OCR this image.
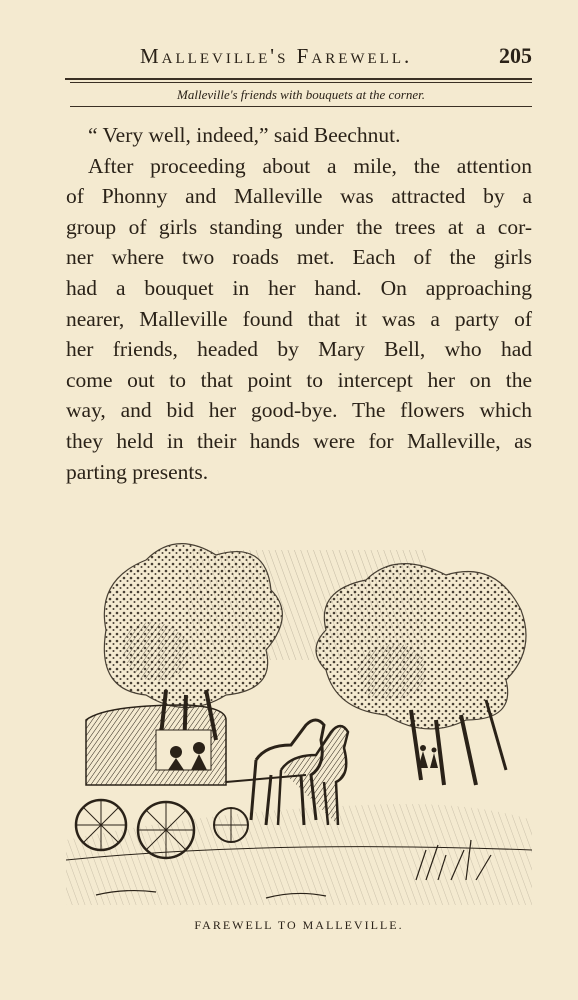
Malleville's Farewell.	205
Malleville's friends with bouquets at the corner.
“ Very well, indeed,” said Beechnut.
After proceeding about a mile, the attention
of Phonny and Malleville was attracted by a
group of girls standing under the trees at a cor-
ner where two roads met. Each of the girls
had a bouquet in her hand. On approaching
nearer, Malleville found that it was a party of
her friends, headed by Mary Bell, who had
come out to that point to intercept her on the
way, and bid her good-bye. The flowers which
they held in their hands were for Malleville, as
parting presents.
FAREWELL TO MALLEVILLE.
